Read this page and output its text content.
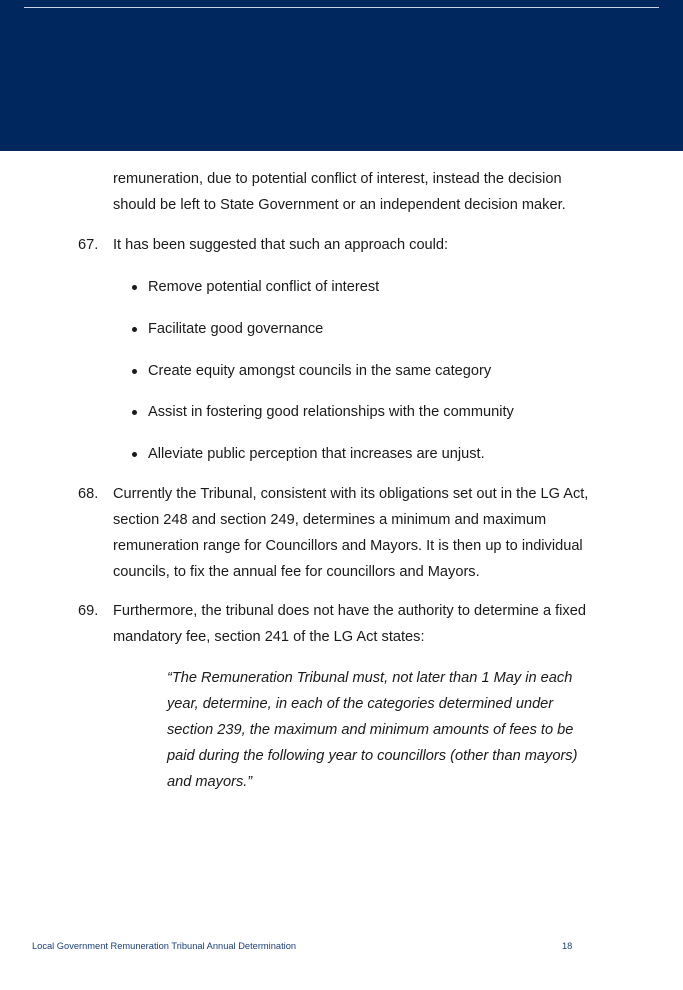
remuneration, due to potential conflict of interest, instead the decision
should be left to State Government or an independent decision maker.
67. It has been suggested that such an approach could:
Remove potential conflict of interest
Facilitate good governance
Create equity amongst councils in the same category
Assist in fostering good relationships with the community
Alleviate public perception that increases are unjust.
68. Currently the Tribunal, consistent with its obligations set out in the LG Act,
section 248 and section 249, determines a minimum and maximum
remuneration range for Councillors and Mayors. It is then up to individual
councils, to fix the annual fee for councillors and Mayors.
69. Furthermore, the tribunal does not have the authority to determine a fixed
mandatory fee, section 241 of the LG Act states:
“The Remuneration Tribunal must, not later than 1 May in each
year, determine, in each of the categories determined under
section 239, the maximum and minimum amounts of fees to be
paid during the following year to councillors (other than mayors)
and mayors.”
Local Government Remuneration Tribunal Annual Determination	18
